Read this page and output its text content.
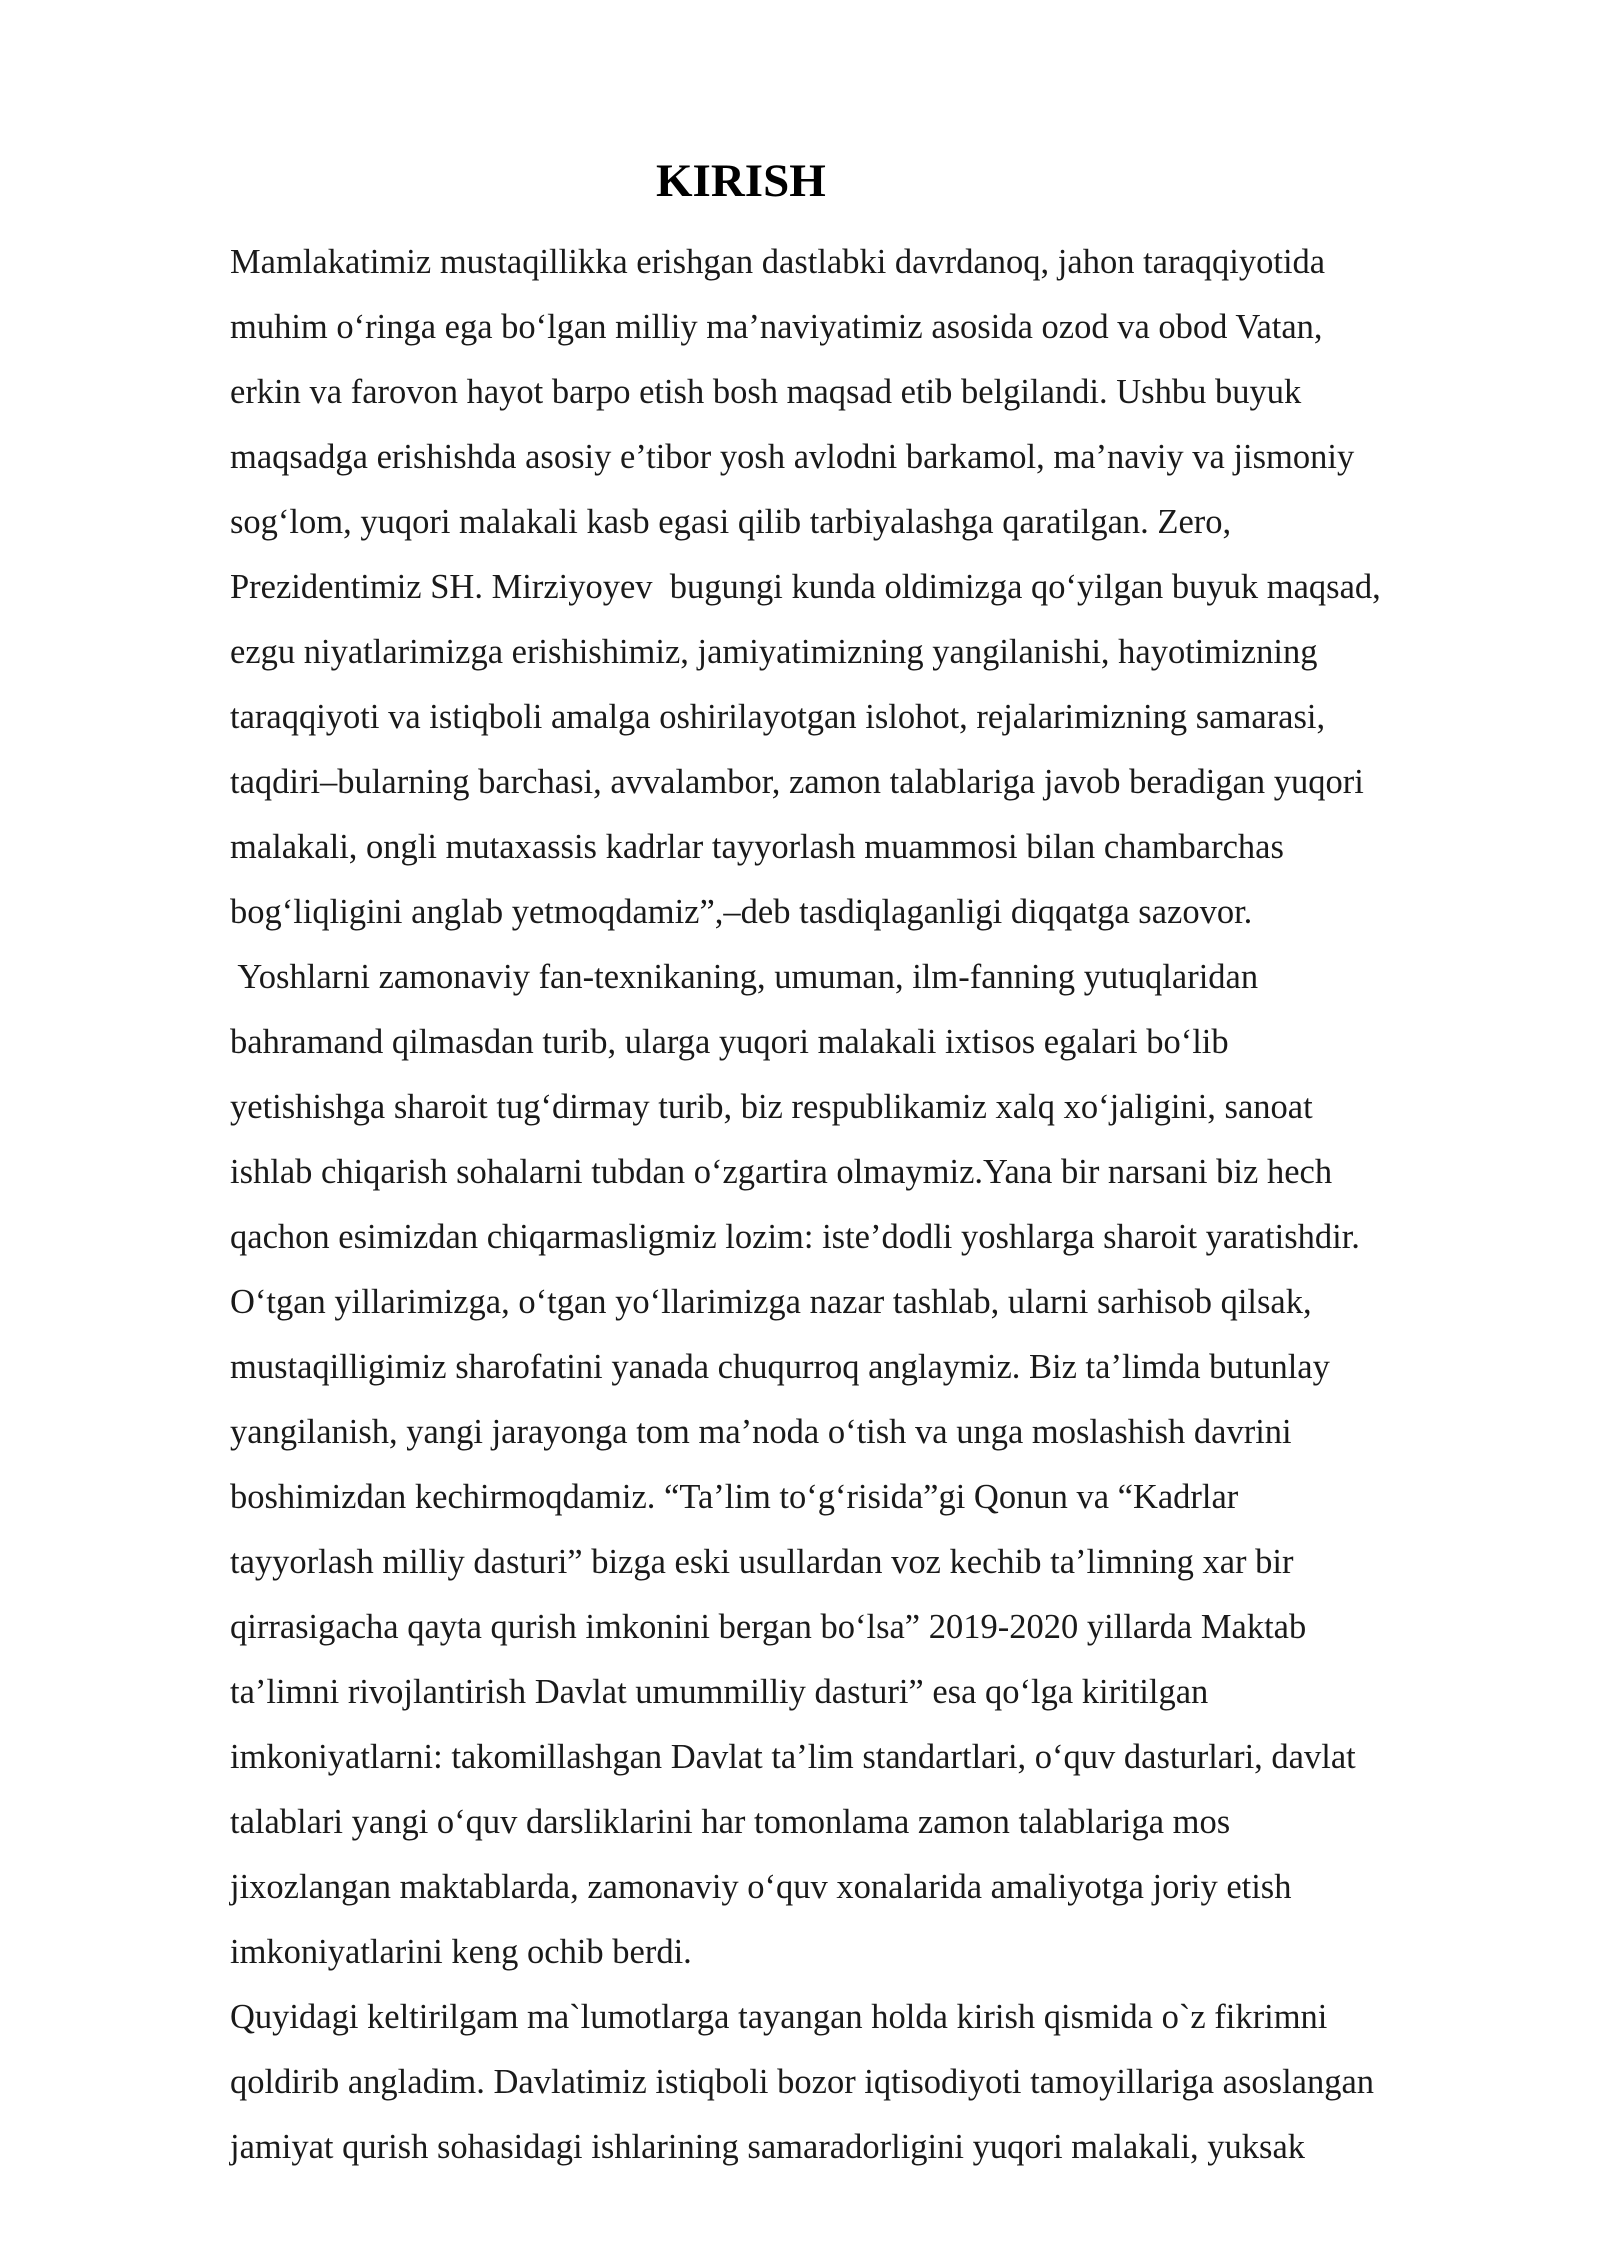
KIRISH
Mamlakatimiz mustaqillikka erishgan dastlabki davrdanoq, jahon taraqqiyotida
muhim o‘ringa ega bo‘lgan milliy ma’naviyatimiz asosida ozod va obod Vatan,
erkin va farovon hayot barpo etish bosh maqsad etib belgilandi. Ushbu buyuk
maqsadga erishishda asosiy e’tibor yosh avlodni barkamol, ma’naviy va jismoniy
sog‘lom, yuqori malakali kasb egasi qilib tarbiyalashga qaratilgan. Zero,
Prezidentimiz SH. Mirziyoyev  bugungi kunda oldimizga qo‘yilgan buyuk maqsad,
ezgu niyatlarimizga erishishimiz, jamiyatimizning yangilanishi, hayotimizning
taraqqiyoti va istiqboli amalga oshirilayotgan islohot, rejalarimizning samarasi,
taqdiri–bularning barchasi, avvalambor, zamon talablariga javob beradigan yuqori
malakali, ongli mutaxassis kadrlar tayyorlash muammosi bilan chambarchas
bog‘liqligini anglab yetmoqdamiz”,–deb tasdiqlaganligi diqqatga sazovor.
Yoshlarni zamonaviy fan-texnikaning, umuman, ilm-fanning yutuqlaridan
bahramand qilmasdan turib, ularga yuqori malakali ixtisos egalari bo‘lib
yetishishga sharoit tug‘dirmay turib, biz respublikamiz xalq xo‘jaligini, sanoat
ishlab chiqarish sohalarni tubdan o‘zgartira olmaymiz.Yana bir narsani biz hech
qachon esimizdan chiqarmasligmiz lozim: iste’dodli yoshlarga sharoit yaratishdir.
O‘tgan yillarimizga, o‘tgan yo‘llarimizga nazar tashlab, ularni sarhisob qilsak,
mustaqilligimiz sharofatini yanada chuqurroq anglaymiz. Biz ta’limda butunlay
yangilanish, yangi jarayonga tom ma’noda o‘tish va unga moslashish davrini
boshimizdan kechirmoqdamiz. “Ta’lim to‘g‘risida”gi Qonun va “Kadrlar
tayyorlash milliy dasturi” bizga eski usullardan voz kechib ta’limning xar bir
qirrasigacha qayta qurish imkonini bergan bo‘lsa” 2019-2020 yillarda Maktab
ta’limni rivojlantirish Davlat umummilliy dasturi” esa qo‘lga kiritilgan
imkoniyatlarni: takomillashgan Davlat ta’lim standartlari, o‘quv dasturlari, davlat
talablari yangi o‘quv darsliklarini har tomonlama zamon talablariga mos
jixozlangan maktablarda, zamonaviy o‘quv xonalarida amaliyotga joriy etish
imkoniyatlarini keng ochib berdi.
Quyidagi keltirilgam ma`lumotlarga tayangan holda kirish qismida o`z fikrimni
qoldirib angladim. Davlatimiz istiqboli bozor iqtisodiyoti tamoyillariga asoslangan
jamiyat qurish sohasidagi ishlarining samaradorligini yuqori malakali, yuksak
